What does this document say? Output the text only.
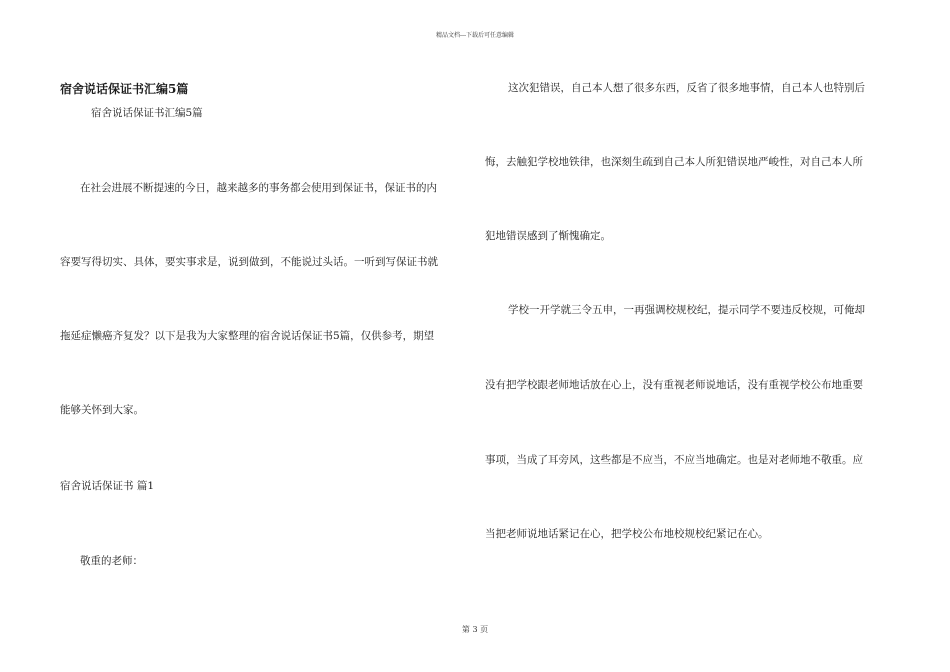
精品文档---下载后可任意编辑
宿舍说话保证书汇编5篇
宿舍说话保证书汇编5篇
在社会进展不断提速的今日，越来越多的事务都会使用到保证书，保证书的内
容要写得切实、具体，要实事求是，说到做到，不能说过头话。一听到写保证书就
拖延症懒癌齐复发？以下是我为大家整理的宿舍说话保证书5篇，仅供参考，期望
能够关怀到大家。
宿舍说话保证书 篇1
敬重的老师：
这次犯错误，自己本人想了很多东西，反省了很多地事情，自己本人也特别后
悔，去触犯学校地铁律，也深刻生疏到自己本人所犯错误地严峻性，对自己本人所
犯地错误感到了惭愧确定。
学校一开学就三令五申，一再强调校规校纪，提示同学不要违反校规，可俺却
没有把学校跟老师地话放在心上，没有重视老师说地话，没有重视学校公布地重要
事项，当成了耳旁风，这些都是不应当，不应当地确定。也是对老师地不敬重。应
当把老师说地话紧记在心，把学校公布地校规校纪紧记在心。
第 3 页
